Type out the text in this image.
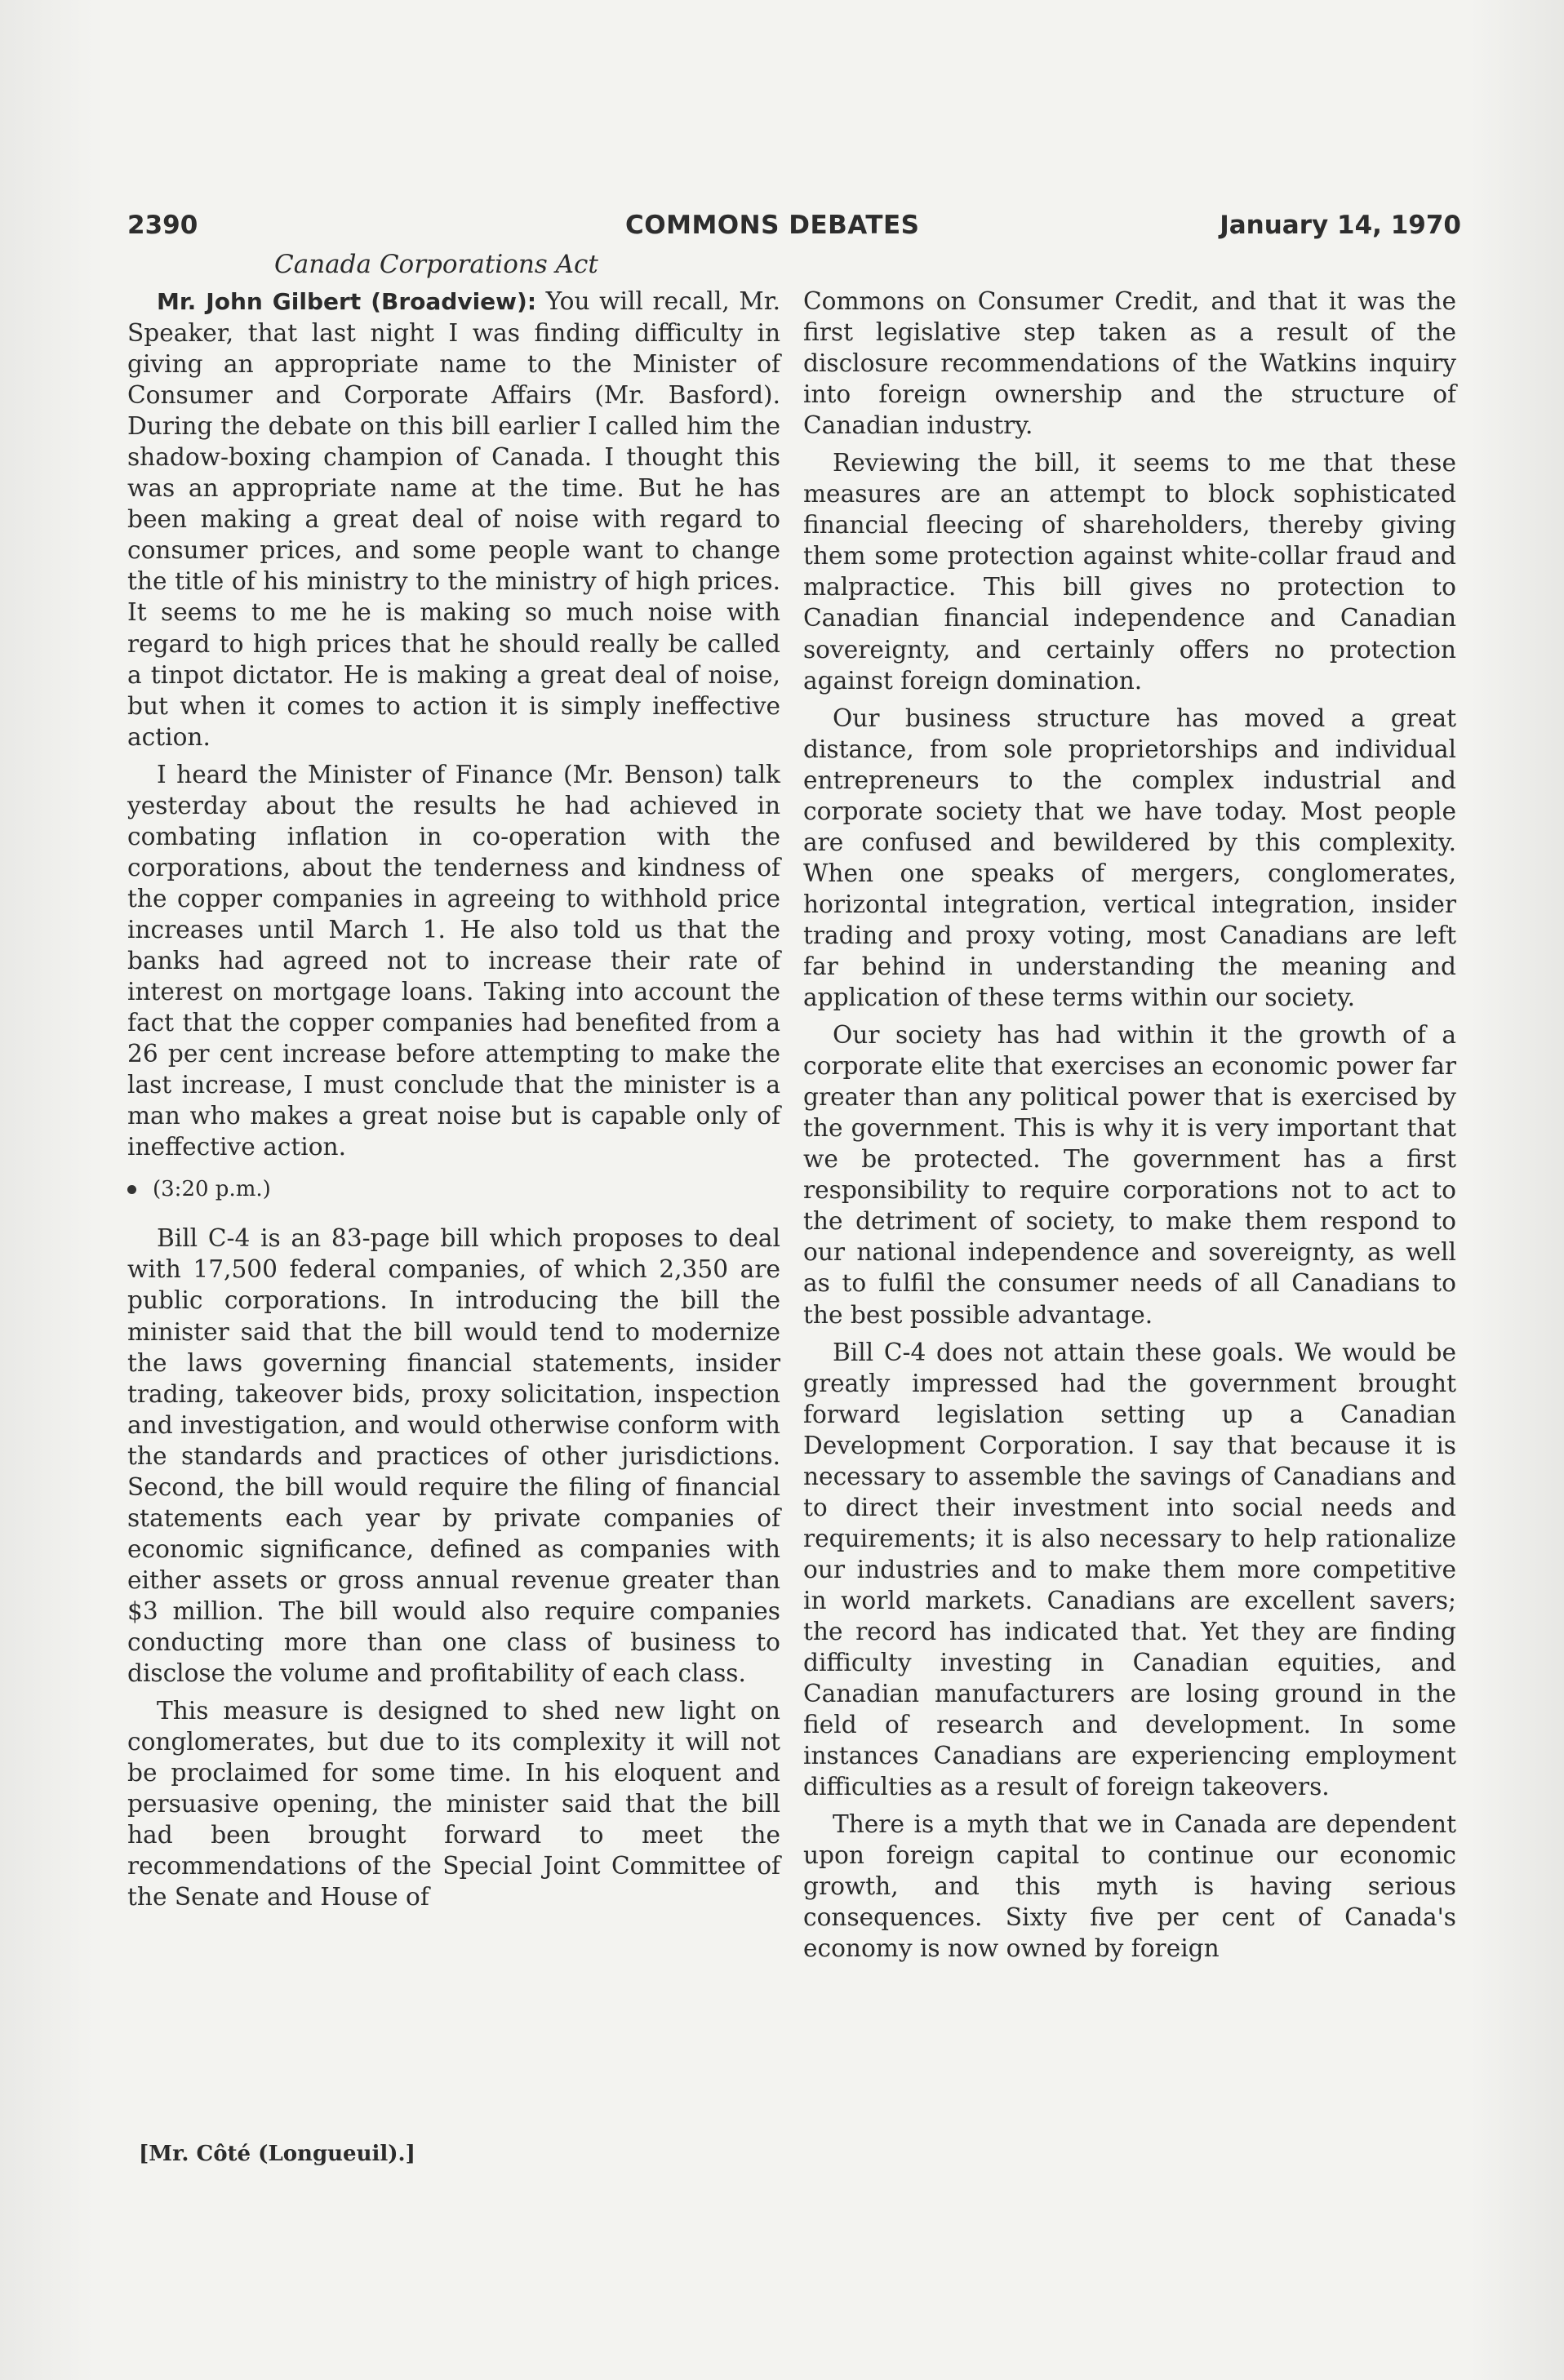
2390	COMMONS DEBATES	January 14, 1970
Canada Corporations Act

Mr. John Gilbert (Broadview): You will recall, Mr. Speaker, that last night I was finding difficulty in giving an appropriate name to the Minister of Consumer and Corporate Affairs (Mr. Basford). During the debate on this bill earlier I called him the shadow-boxing champion of Canada. I thought this was an appropriate name at the time. But he has been making a great deal of noise with regard to consumer prices, and some people want to change the title of his ministry to the ministry of high prices. It seems to me he is making so much noise with regard to high prices that he should really be called a tinpot dictator. He is making a great deal of noise, but when it comes to action it is simply ineffective action.

I heard the Minister of Finance (Mr. Benson) talk yesterday about the results he had achieved in combating inflation in co-operation with the corporations, about the tenderness and kindness of the copper companies in agreeing to withhold price increases until March 1. He also told us that the banks had agreed not to increase their rate of interest on mortgage loans. Taking into account the fact that the copper companies had benefited from a 26 per cent increase before attempting to make the last increase, I must conclude that the minister is a man who makes a great noise but is capable only of ineffective action.

(3:20 p.m.)

Bill C-4 is an 83-page bill which proposes to deal with 17,500 federal companies, of which 2,350 are public corporations. In introducing the bill the minister said that the bill would tend to modernize the laws governing financial statements, insider trading, takeover bids, proxy solicitation, inspection and investigation, and would otherwise conform with the standards and practices of other jurisdictions. Second, the bill would require the filing of financial statements each year by private companies of economic significance, defined as companies with either assets or gross annual revenue greater than $3 million. The bill would also require companies conducting more than one class of business to disclose the volume and profitability of each class.

This measure is designed to shed new light on conglomerates, but due to its complexity it will not be proclaimed for some time. In his eloquent and persuasive opening, the minister said that the bill had been brought forward to meet the recommendations of the Special Joint Committee of the Senate and House of

Commons on Consumer Credit, and that it was the first legislative step taken as a result of the disclosure recommendations of the Watkins inquiry into foreign ownership and the structure of Canadian industry.

Reviewing the bill, it seems to me that these measures are an attempt to block sophisticated financial fleecing of shareholders, thereby giving them some protection against white-collar fraud and malpractice. This bill gives no protection to Canadian financial independence and Canadian sovereignty, and certainly offers no protection against foreign domination.

Our business structure has moved a great distance, from sole proprietorships and individual entrepreneurs to the complex industrial and corporate society that we have today. Most people are confused and bewildered by this complexity. When one speaks of mergers, conglomerates, horizontal integration, vertical integration, insider trading and proxy voting, most Canadians are left far behind in understanding the meaning and application of these terms within our society.

Our society has had within it the growth of a corporate elite that exercises an economic power far greater than any political power that is exercised by the government. This is why it is very important that we be protected. The government has a first responsibility to require corporations not to act to the detriment of society, to make them respond to our national independence and sovereignty, as well as to fulfil the consumer needs of all Canadians to the best possible advantage.

Bill C-4 does not attain these goals. We would be greatly impressed had the government brought forward legislation setting up a Canadian Development Corporation. I say that because it is necessary to assemble the savings of Canadians and to direct their investment into social needs and requirements; it is also necessary to help rationalize our industries and to make them more competitive in world markets. Canadians are excellent savers; the record has indicated that. Yet they are finding difficulty investing in Canadian equities, and Canadian manufacturers are losing ground in the field of research and development. In some instances Canadians are experiencing employment difficulties as a result of foreign takeovers.

There is a myth that we in Canada are dependent upon foreign capital to continue our economic growth, and this myth is having serious consequences. Sixty five per cent of Canada's economy is now owned by foreign

[Mr. Côté (Longueuil).]
